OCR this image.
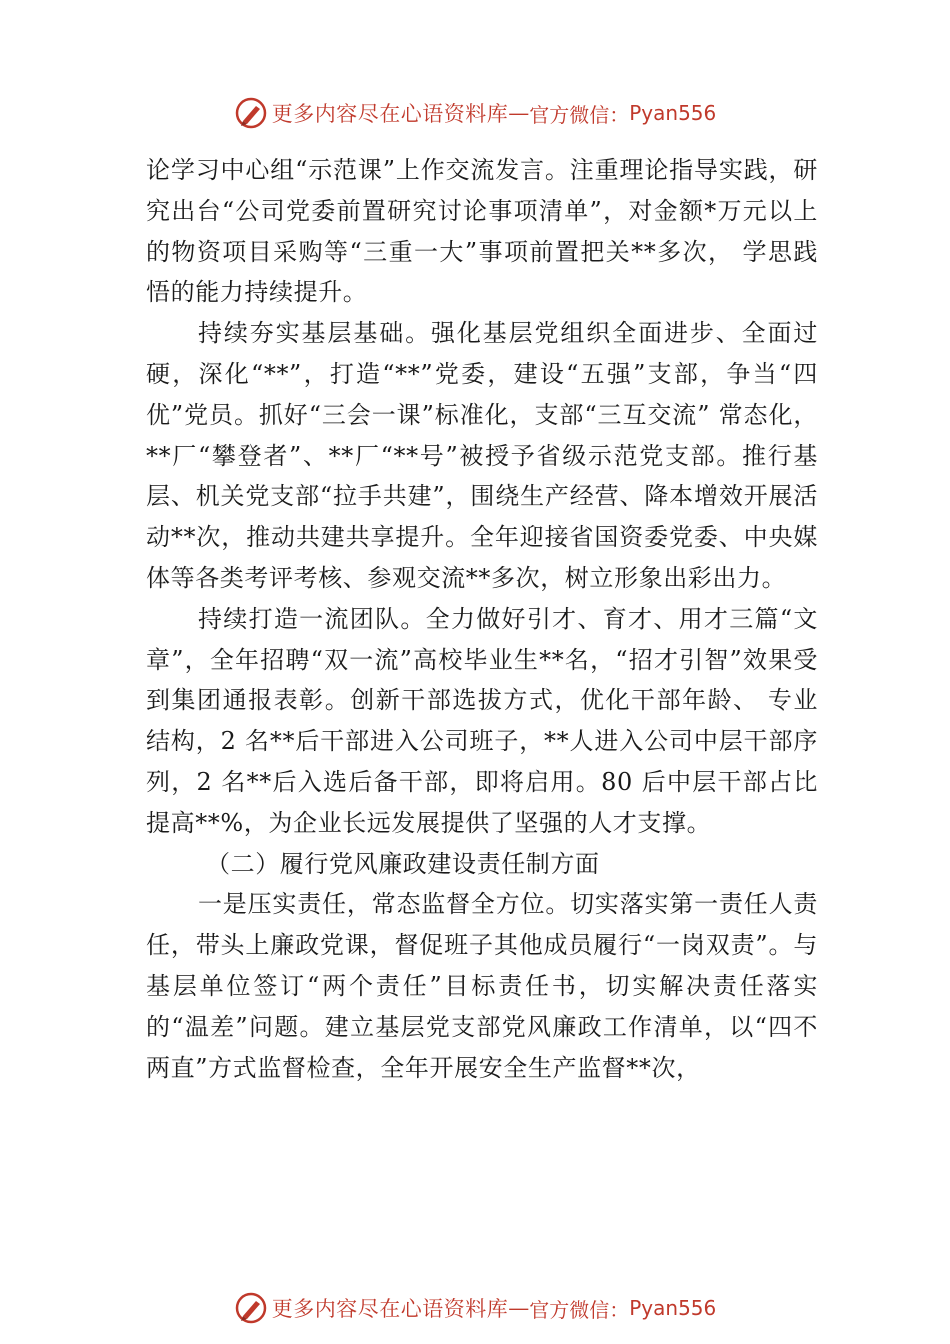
更多内容尽在心语资料库 — 官方微信： Pyan556

论学习中心组“示范课”上作交流发言。注重理论指导实践，研究出台“公司党委前置研究讨论事项清单”，对金额*万元以上的物资项目采购等“三重一大”事项前置把关**多次， 学思践悟的能力持续提升。

持续夯实基层基础。强化基层党组织全面进步、全面过硬，深化“**”，打造“**”党委，建设“五强”支部，争当“四优”党员。抓好“三会一课”标准化，支部“三互交流” 常态化，**厂“攀登者”、**厂“**号”被授予省级示范党支部。推行基层、机关党支部“拉手共建”，围绕生产经营、降本增效开展活动**次，推动共建共享提升。全年迎接省国资委党委、中央媒体等各类考评考核、参观交流**多次，树立形象出彩出力。

持续打造一流团队。全力做好引才、育才、用才三篇“文章”，全年招聘“双一流”高校毕业生**名，“招才引智”效果受到集团通报表彰。创新干部选拔方式，优化干部年龄、 专业结构，2 名**后干部进入公司班子，**人进入公司中层干部序列，2 名**后入选后备干部，即将启用。80 后中层干部占比提高**%，为企业长远发展提供了坚强的人才支撑。

（二）履行党风廉政建设责任制方面

一是压实责任，常态监督全方位。切实落实第一责任人责任，带头上廉政党课，督促班子其他成员履行“一岗双责”。与基层单位签订“两个责任”目标责任书，切实解决责任落实的“温差”问题。建立基层党支部党风廉政工作清单，以“四不两直”方式监督检查，全年开展安全生产监督**次，

更多内容尽在心语资料库 — 官方微信： Pyan556
